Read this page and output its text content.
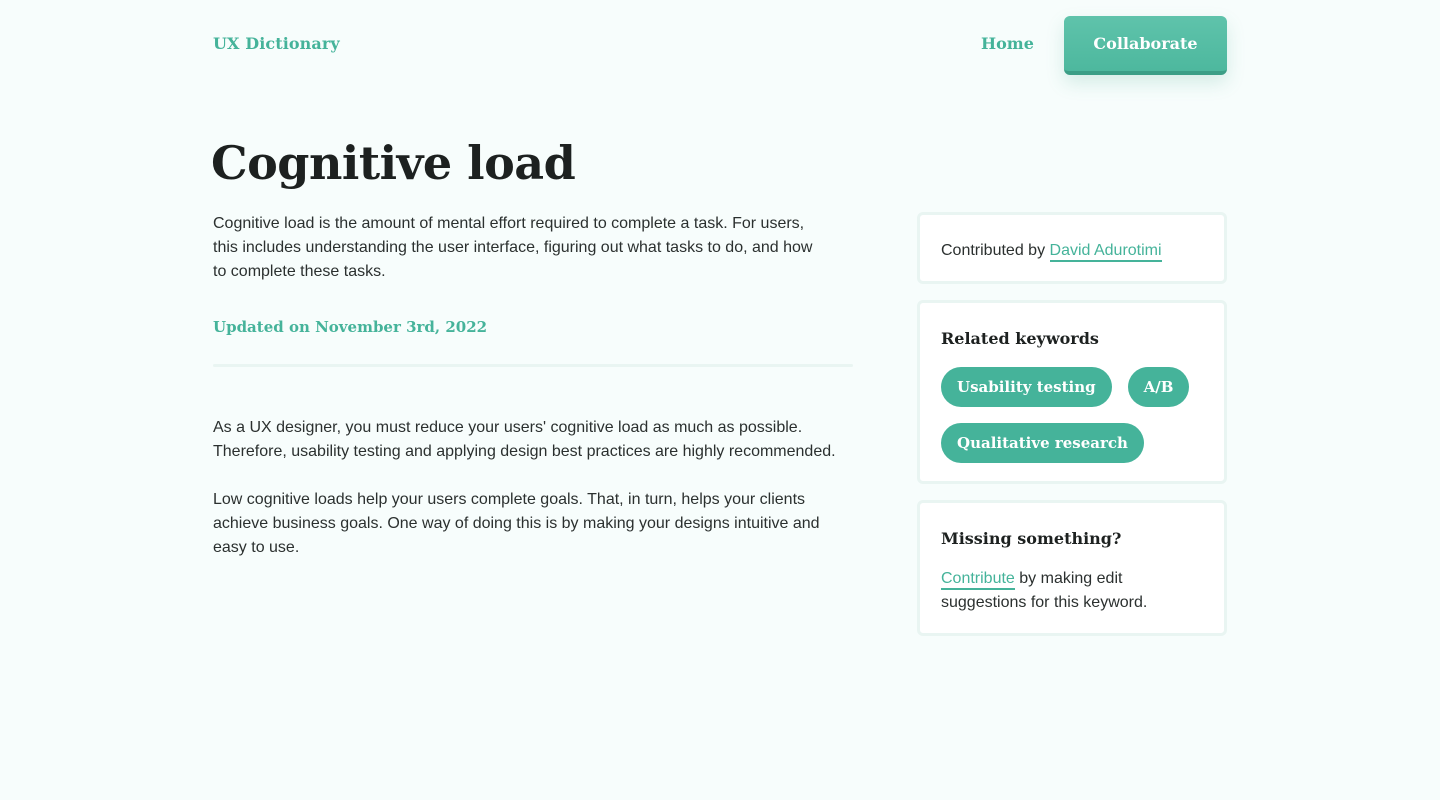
UX Dictionary	Home	Collaborate
Cognitive load

Cognitive load is the amount of mental effort required to complete a task. For users, this includes understanding the user interface, figuring out what tasks to do, and how to complete these tasks.

Updated on November 3rd, 2022

As a UX designer, you must reduce your users' cognitive load as much as possible. Therefore, usability testing and applying design best practices are highly recommended.

Low cognitive loads help your users complete goals. That, in turn, helps your clients achieve business goals. One way of doing this is by making your designs intuitive and easy to use.

Contributed by David Adurotimi

Related keywords
Usability testing	A/B
Qualitative research
Missing something?

Contribute by making edit suggestions for this keyword.
